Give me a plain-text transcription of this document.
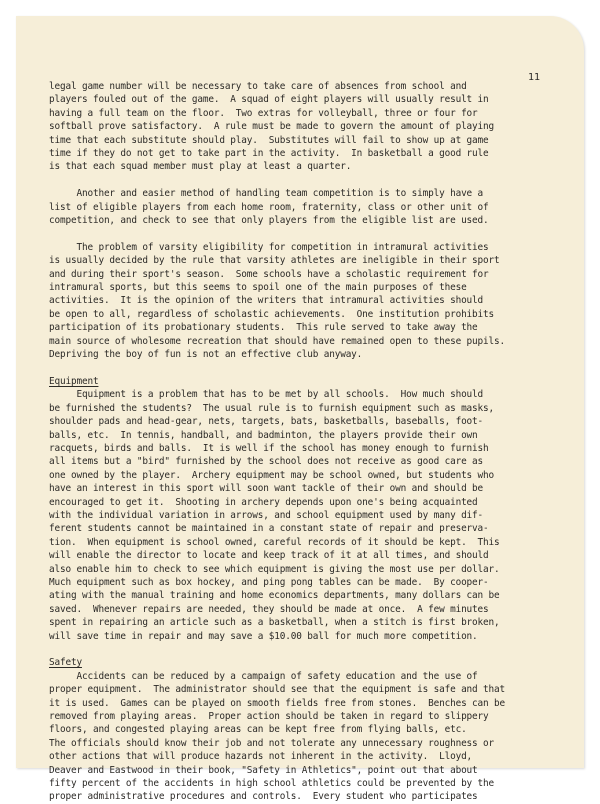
11
legal game number will be necessary to take care of absences from school and
players fouled out of the game.  A squad of eight players will usually result in
having a full team on the floor.  Two extras for volleyball, three or four for
softball prove satisfactory.  A rule must be made to govern the amount of playing
time that each substitute should play.  Substitutes will fail to show up at game
time if they do not get to take part in the activity.  In basketball a good rule
is that each squad member must play at least a quarter.
Another and easier method of handling team competition is to simply have a
list of eligible players from each home room, fraternity, class or other unit of
competition, and check to see that only players from the eligible list are used.
The problem of varsity eligibility for competition in intramural activities
is usually decided by the rule that varsity athletes are ineligible in their sport
and during their sport's season.  Some schools have a scholastic requirement for
intramural sports, but this seems to spoil one of the main purposes of these
activities.  It is the opinion of the writers that intramural activities should
be open to all, regardless of scholastic achievements.  One institution prohibits
participation of its probationary students.  This rule served to take away the
main source of wholesome recreation that should have remained open to these pupils.
Depriving the boy of fun is not an effective club anyway.
Equipment
Equipment is a problem that has to be met by all schools.  How much should
be furnished the students?  The usual rule is to furnish equipment such as masks,
shoulder pads and head-gear, nets, targets, bats, basketballs, baseballs, foot-
balls, etc.  In tennis, handball, and badminton, the players provide their own
racquets, birds and balls.  It is well if the school has money enough to furnish
all items but a "bird" furnished by the school does not receive as good care as
one owned by the player.  Archery equipment may be school owned, but students who
have an interest in this sport will soon want tackle of their own and should be
encouraged to get it.  Shooting in archery depends upon one's being acquainted
with the individual variation in arrows, and school equipment used by many dif-
ferent students cannot be maintained in a constant state of repair and preserva-
tion.  When equipment is school owned, careful records of it should be kept.  This
will enable the director to locate and keep track of it at all times, and should
also enable him to check to see which equipment is giving the most use per dollar.
Much equipment such as box hockey, and ping pong tables can be made.  By cooper-
ating with the manual training and home economics departments, many dollars can be
saved.  Whenever repairs are needed, they should be made at once.  A few minutes
spent in repairing an article such as a basketball, when a stitch is first broken,
will save time in repair and may save a $10.00 ball for much more competition.
Safety
Accidents can be reduced by a campaign of safety education and the use of
proper equipment.  The administrator should see that the equipment is safe and that
it is used.  Games can be played on smooth fields free from stones.  Benches can be
removed from playing areas.  Proper action should be taken in regard to slippery
floors, and congested playing areas can be kept free from flying balls, etc.
The officials should know their job and not tolerate any unnecessary roughness or
other actions that will produce hazards not inherent in the activity.  Lloyd,
Deaver and Eastwood in their book, "Safety in Athletics", point out that about
fifty percent of the accidents in high school athletics could be prevented by the
proper administrative procedures and controls.  Every student who participates
